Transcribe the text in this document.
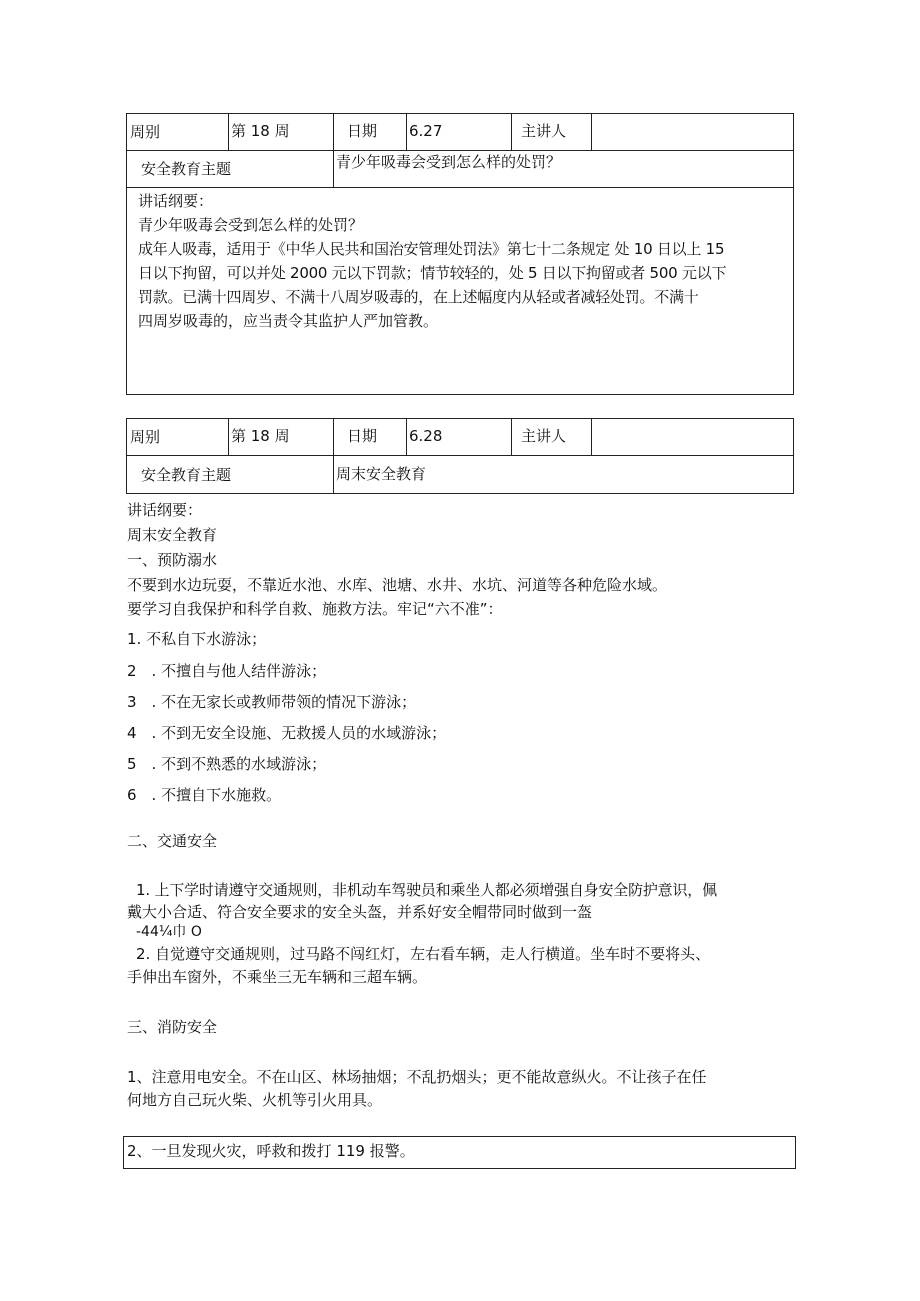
周别	第 18 周	日期 6.27	主讲人
安全教育主题	青少年吸毒会受到怎么样的处罚？
讲话纲要：
青少年吸毒会受到怎么样的处罚？
成年人吸毒，适用于《中华人民共和国治安管理处罚法》第七十二条规定 处 10 日以上 15
日以下拘留，可以并处 2000 元以下罚款；情节较轻的，处 5 日以下拘留或者 500 元以下
罚款。已满十四周岁、不满十八周岁吸毒的，在上述幅度内从轻或者减轻处罚。不满十
四周岁吸毒的，应当责令其监护人严加管教。
周别	第 18 周	日期 6.28	主讲人
安全教育主题	周末安全教育
讲话纲要：
周末安全教育
一、预防溺水
不要到水边玩耍，不靠近水池、水库、池塘、水井、水坑、河道等各种危险水域。
要学习自我保护和科学自救、施救方法。牢记“六不准”：
1. 不私自下水游泳；
2　. 不擅自与他人结伴游泳；
3　. 不在无家长或教师带领的情况下游泳；
4　. 不到无安全设施、无救援人员的水域游泳；
5　. 不到不熟悉的水域游泳；
6　. 不擅自下水施救。
二、交通安全
1. 上下学时请遵守交通规则，非机动车驾驶员和乘坐人都必须增强自身安全防护意识，佩
戴大小合适、符合安全要求的安全头盔，并系好安全帽带同时做到一盔
-44¼巾 O
2. 自觉遵守交通规则，过马路不闯红灯，左右看车辆，走人行横道。坐车时不要将头、
手伸出车窗外，不乘坐三无车辆和三超车辆。
三、消防安全
1、注意用电安全。不在山区、林场抽烟；不乱扔烟头；更不能故意纵火。不让孩子在任
何地方自己玩火柴、火机等引火用具。
2、一旦发现火灾，呼救和拨打 119 报警。
